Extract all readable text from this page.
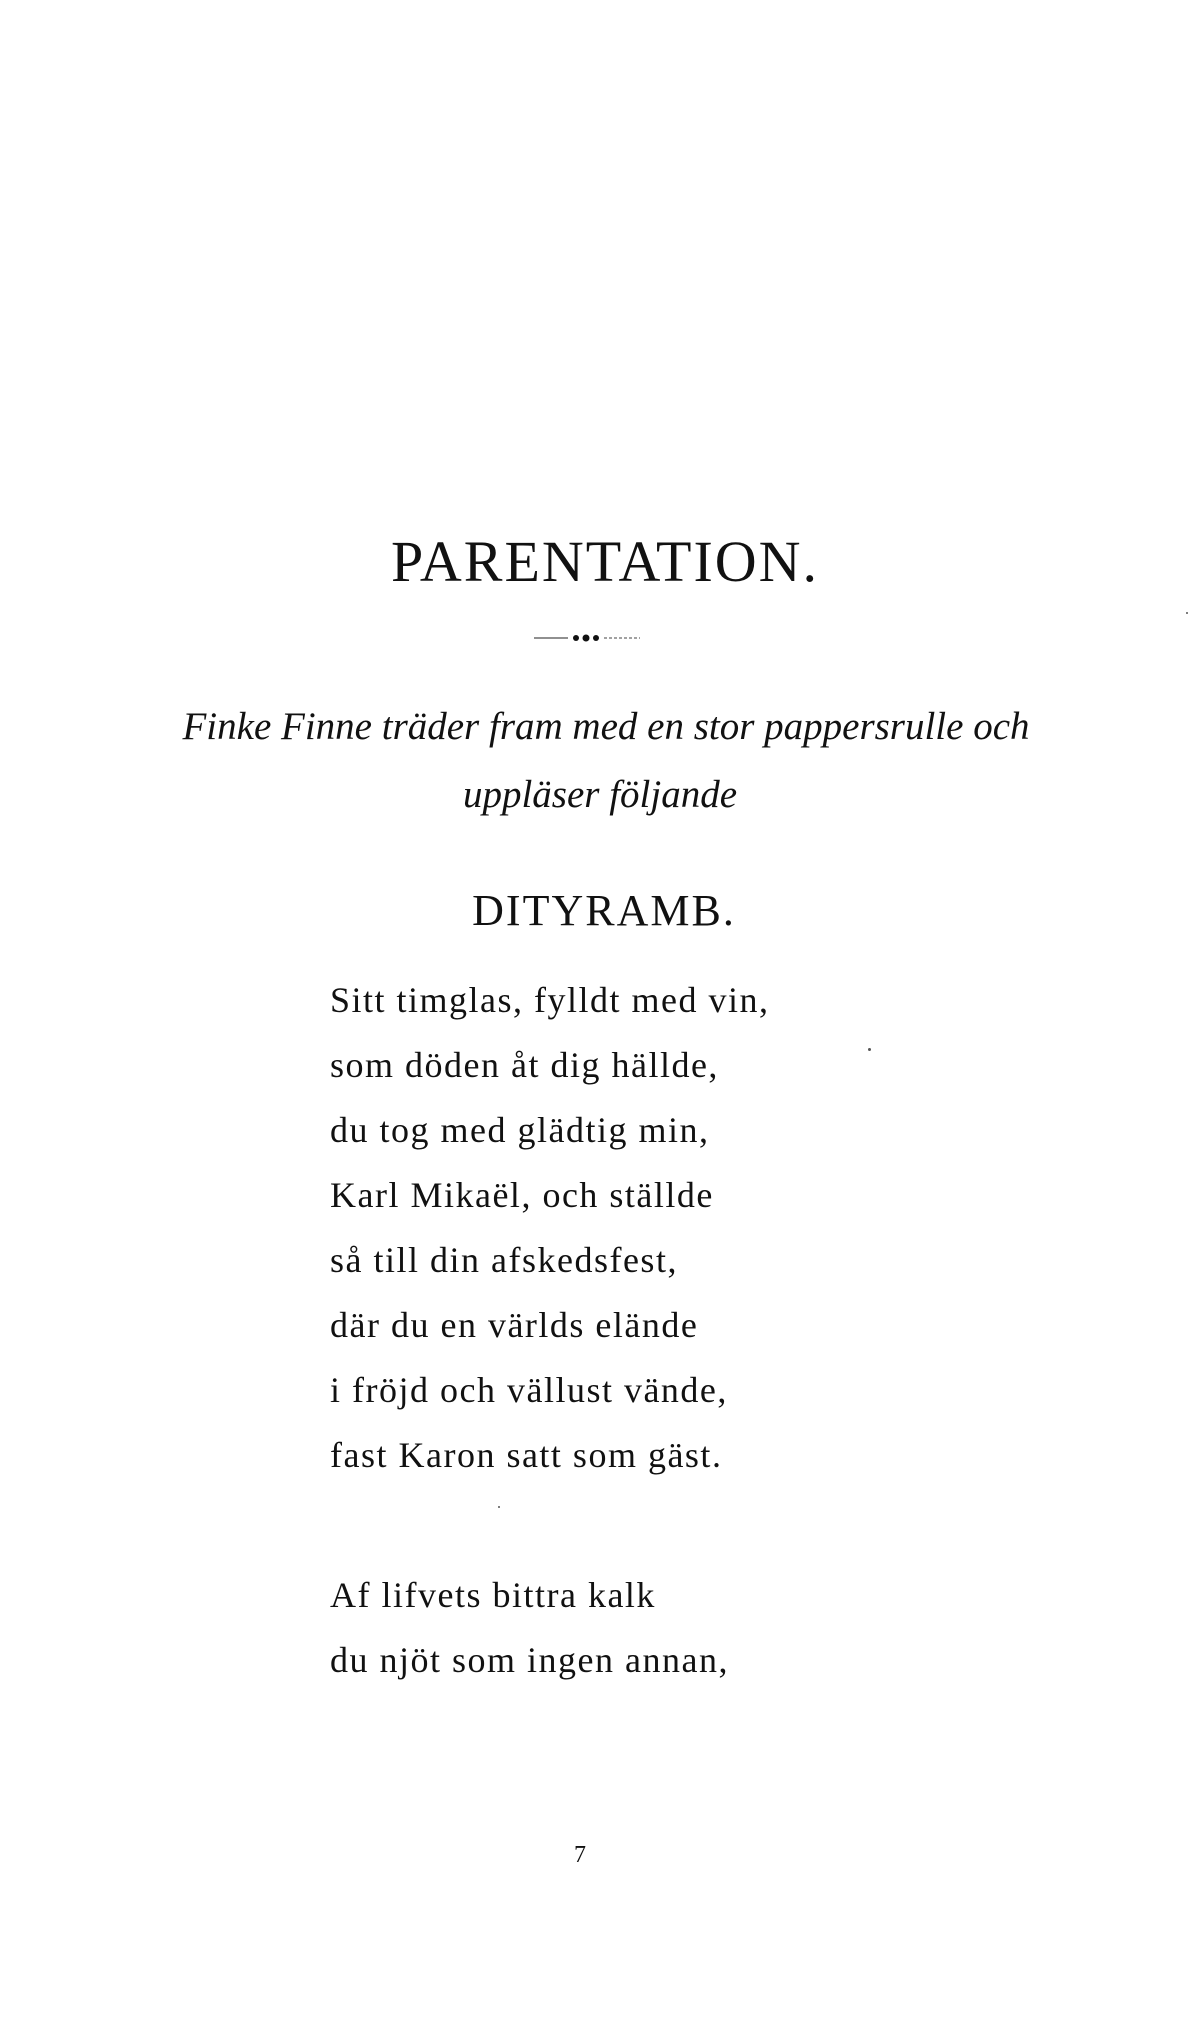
PARENTATION.

Finke Finne träder fram med en stor pappersrulle och

uppläser följande

DITYRAMB.
Sitt timglas, fylldt med vin,
som döden åt dig hällde,
du tog med glädtig min,
Karl Mikaël, och ställde
så till din afskedsfest,
där du en världs elände
i fröjd och vällust vände,
fast Karon satt som gäst.
Af lifvets bittra kalk
du njöt som ingen annan,
7
